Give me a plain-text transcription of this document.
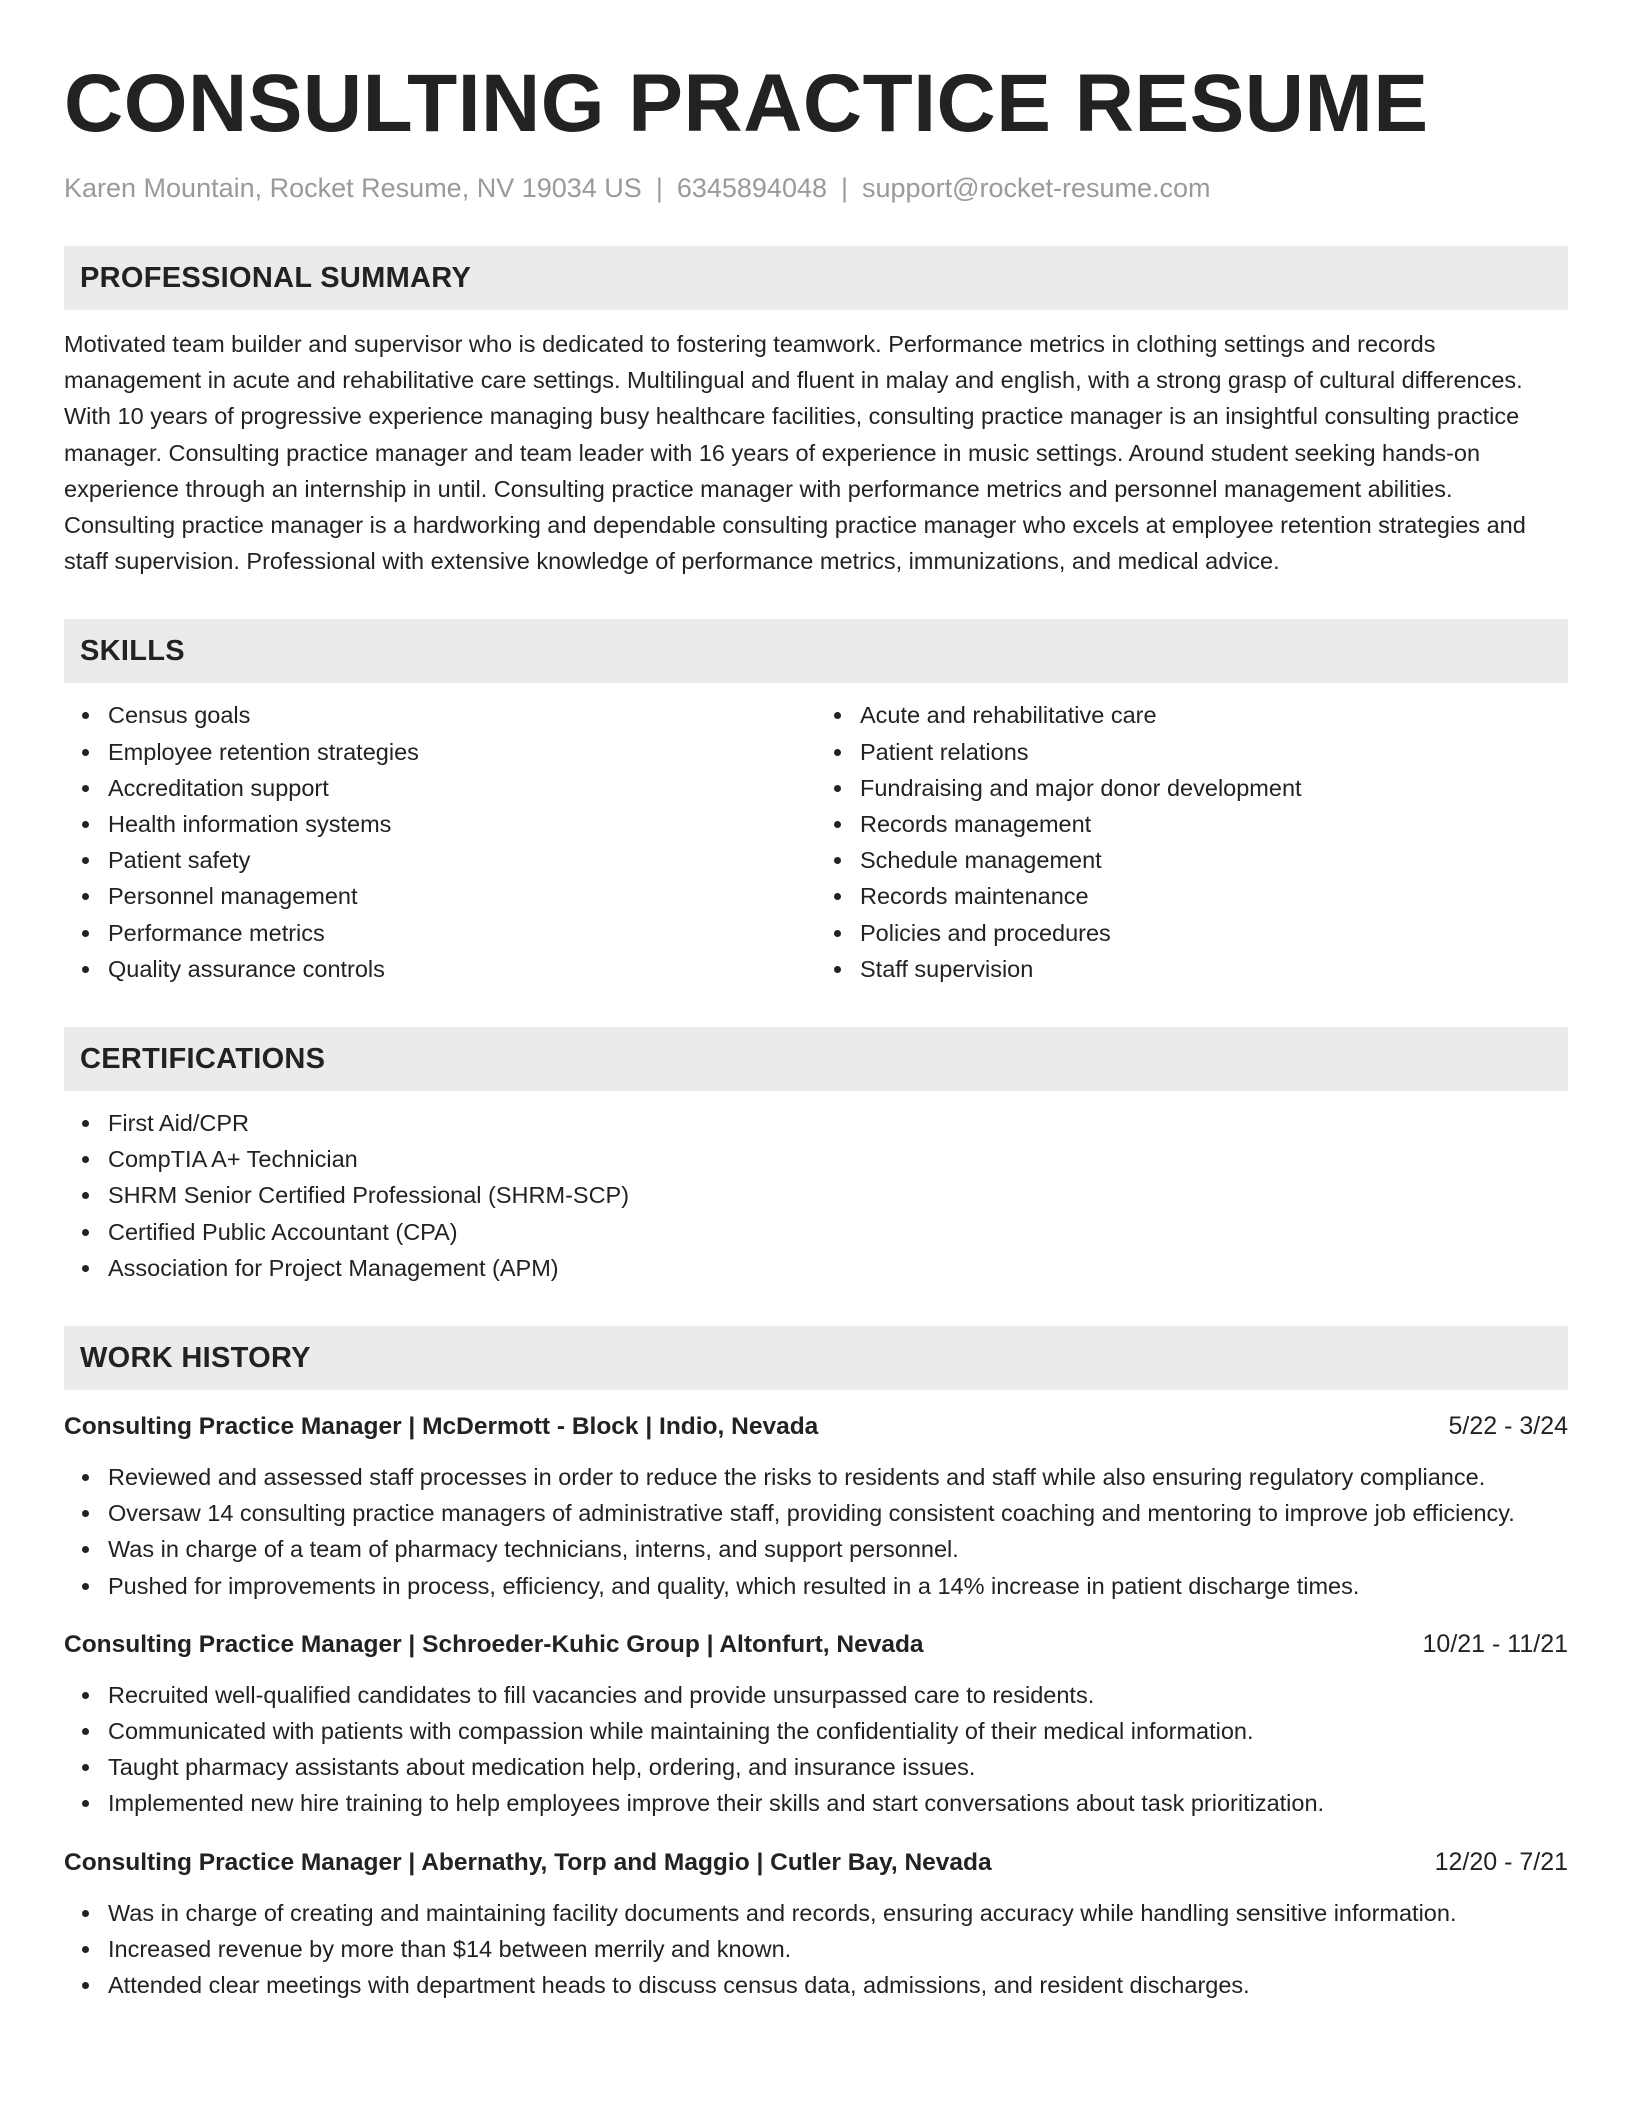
CONSULTING PRACTICE RESUME
Karen Mountain, Rocket Resume, NV 19034 US | 6345894048 | support@rocket-resume.com
PROFESSIONAL SUMMARY

Motivated team builder and supervisor who is dedicated to fostering teamwork. Performance metrics in clothing settings and records management in acute and rehabilitative care settings. Multilingual and fluent in malay and english, with a strong grasp of cultural differences. With 10 years of progressive experience managing busy healthcare facilities, consulting practice manager is an insightful consulting practice manager. Consulting practice manager and team leader with 16 years of experience in music settings. Around student seeking hands-on experience through an internship in until. Consulting practice manager with performance metrics and personnel management abilities. Consulting practice manager is a hardworking and dependable consulting practice manager who excels at employee retention strategies and staff supervision. Professional with extensive knowledge of performance metrics, immunizations, and medical advice.

SKILLS
Census goals
Employee retention strategies
Accreditation support
Health information systems
Patient safety
Personnel management
Performance metrics
Quality assurance controls
Acute and rehabilitative care
Patient relations
Fundraising and major donor development
Records management
Schedule management
Records maintenance
Policies and procedures
Staff supervision
CERTIFICATIONS
First Aid/CPR
CompTIA A+ Technician
SHRM Senior Certified Professional (SHRM-SCP)
Certified Public Accountant (CPA)
Association for Project Management (APM)
WORK HISTORY
Consulting Practice Manager | McDermott - Block | Indio, Nevada	5/22 - 3/24
Reviewed and assessed staff processes in order to reduce the risks to residents and staff while also ensuring regulatory compliance.
Oversaw 14 consulting practice managers of administrative staff, providing consistent coaching and mentoring to improve job efficiency.
Was in charge of a team of pharmacy technicians, interns, and support personnel.
Pushed for improvements in process, efficiency, and quality, which resulted in a 14% increase in patient discharge times.
Consulting Practice Manager | Schroeder-Kuhic Group | Altonfurt, Nevada	10/21 - 11/21
Recruited well-qualified candidates to fill vacancies and provide unsurpassed care to residents.
Communicated with patients with compassion while maintaining the confidentiality of their medical information.
Taught pharmacy assistants about medication help, ordering, and insurance issues.
Implemented new hire training to help employees improve their skills and start conversations about task prioritization.
Consulting Practice Manager | Abernathy, Torp and Maggio | Cutler Bay, Nevada	12/20 - 7/21
Was in charge of creating and maintaining facility documents and records, ensuring accuracy while handling sensitive information.
Increased revenue by more than $14 between merrily and known.
Attended clear meetings with department heads to discuss census data, admissions, and resident discharges.
